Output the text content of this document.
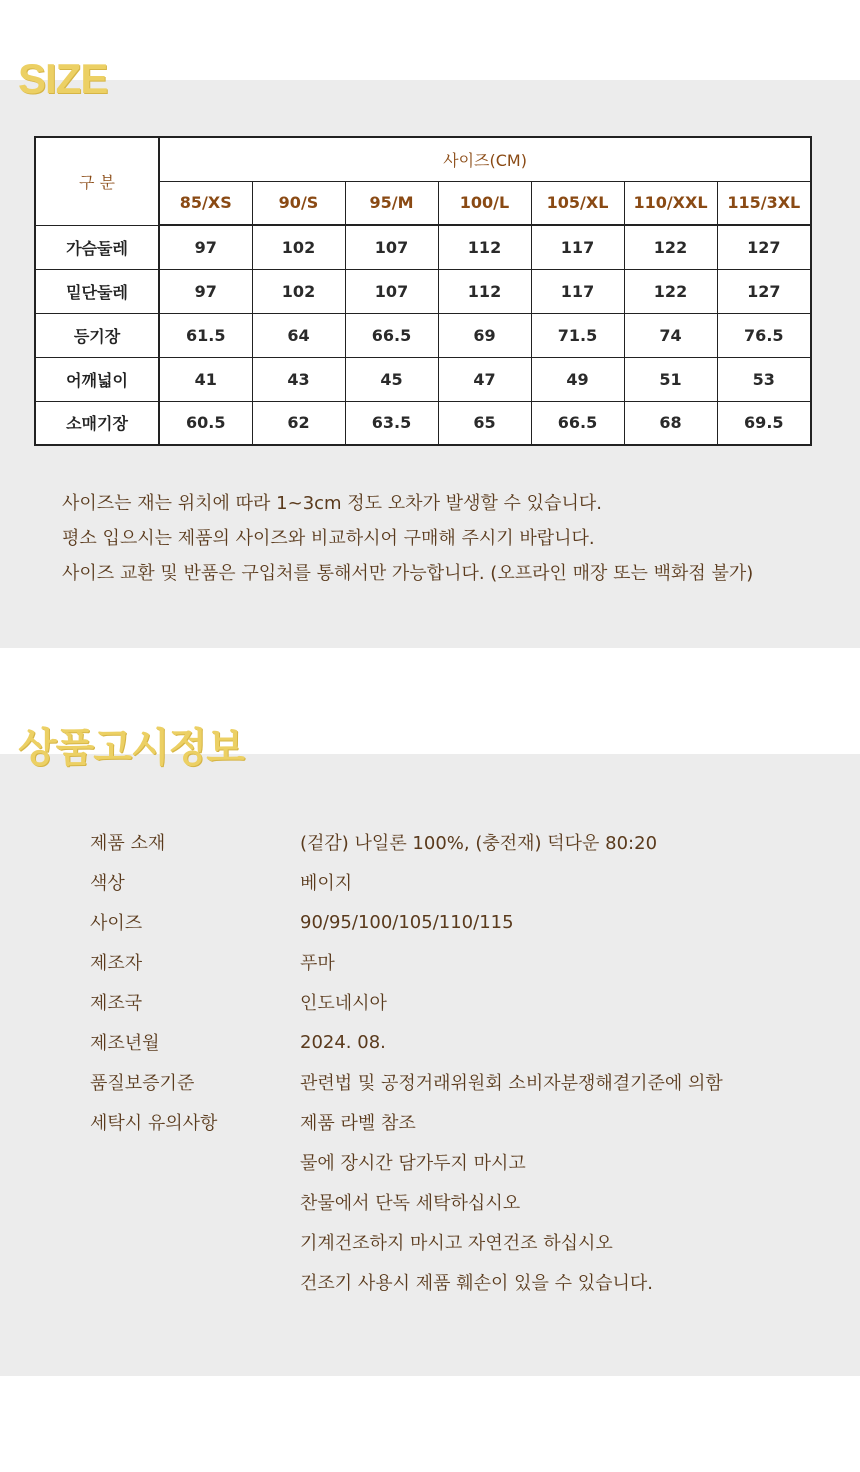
SIZE
구 분	사이즈(CM)						
	85/XS	90/S	95/M	100/L	105/XL	110/XXL	115/3XL
가슴둘레	97	102	107	112	117	122	127
밑단둘레	97	102	107	112	117	122	127
등기장	61.5	64	66.5	69	71.5	74	76.5
어깨넓이	41	43	45	47	49	51	53
소매기장	60.5	62	63.5	65	66.5	68	69.5
사이즈는 재는 위치에 따라 1~3cm 정도 오차가 발생할 수 있습니다.
평소 입으시는 제품의 사이즈와 비교하시어 구매해 주시기 바랍니다.
사이즈 교환 및 반품은 구입처를 통해서만 가능합니다. (오프라인 매장 또는 백화점 불가)
상품고시정보
제품 소재	(겉감) 나일론 100%, (충전재) 덕다운 80:20
색상	베이지
사이즈	90/95/100/105/110/115
제조자	푸마
제조국	인도네시아
제조년월	2024. 08.
품질보증기준	관련법 및 공정거래위원회 소비자분쟁해결기준에 의함
세탁시 유의사항	제품 라벨 참조
물에 장시간 담가두지 마시고
찬물에서 단독 세탁하십시오
기계건조하지 마시고 자연건조 하십시오
건조기 사용시 제품 훼손이 있을 수 있습니다.
